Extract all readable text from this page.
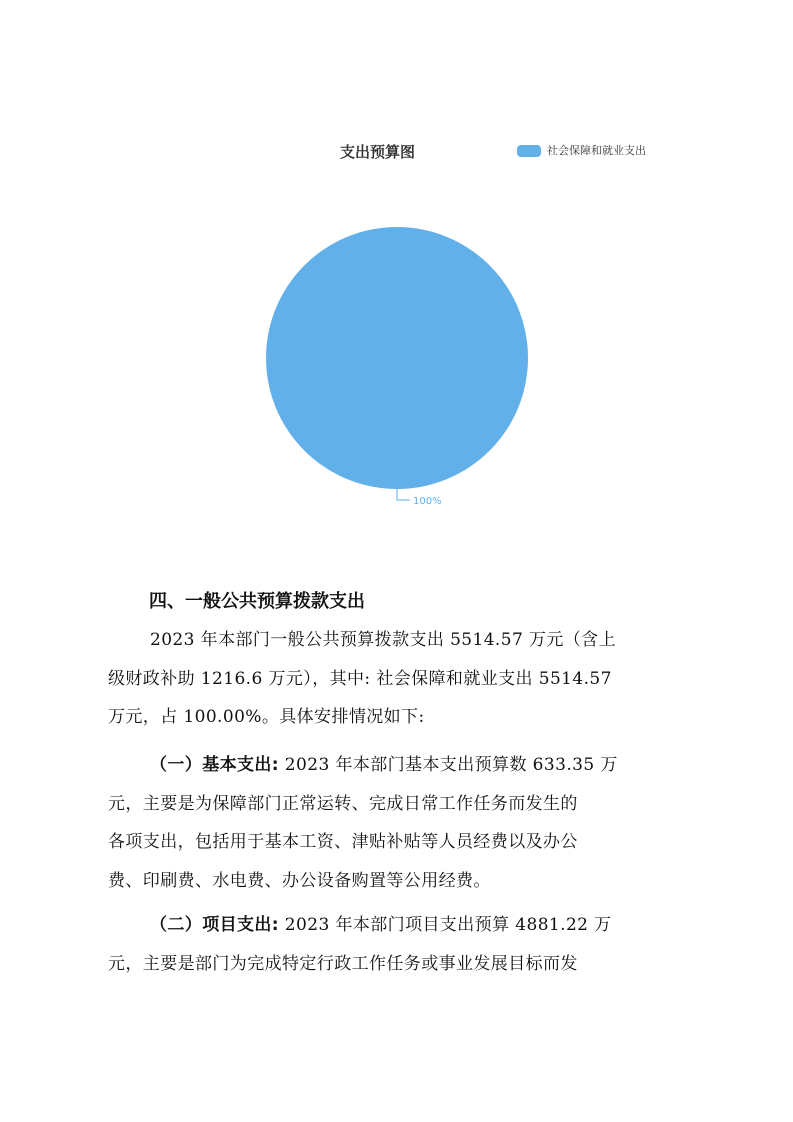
支出预算图	社会保障和就业支出
100%
四、一般公共预算拨款支出
2023 年本部门一般公共预算拨款支出 5514.57 万元（含上
级财政补助 1216.6 万元），其中: 社会保障和就业支出 5514.57
万元，占 100.00%。具体安排情况如下:
（一）基本支出: 2023 年本部门基本支出预算数 633.35 万
元，主要是为保障部门正常运转、完成日常工作任务而发生的
各项支出，包括用于基本工资、津贴补贴等人员经费以及办公
费、印刷费、水电费、办公设备购置等公用经费。
（二）项目支出: 2023 年本部门项目支出预算 4881.22 万
元，主要是部门为完成特定行政工作任务或事业发展目标而发
